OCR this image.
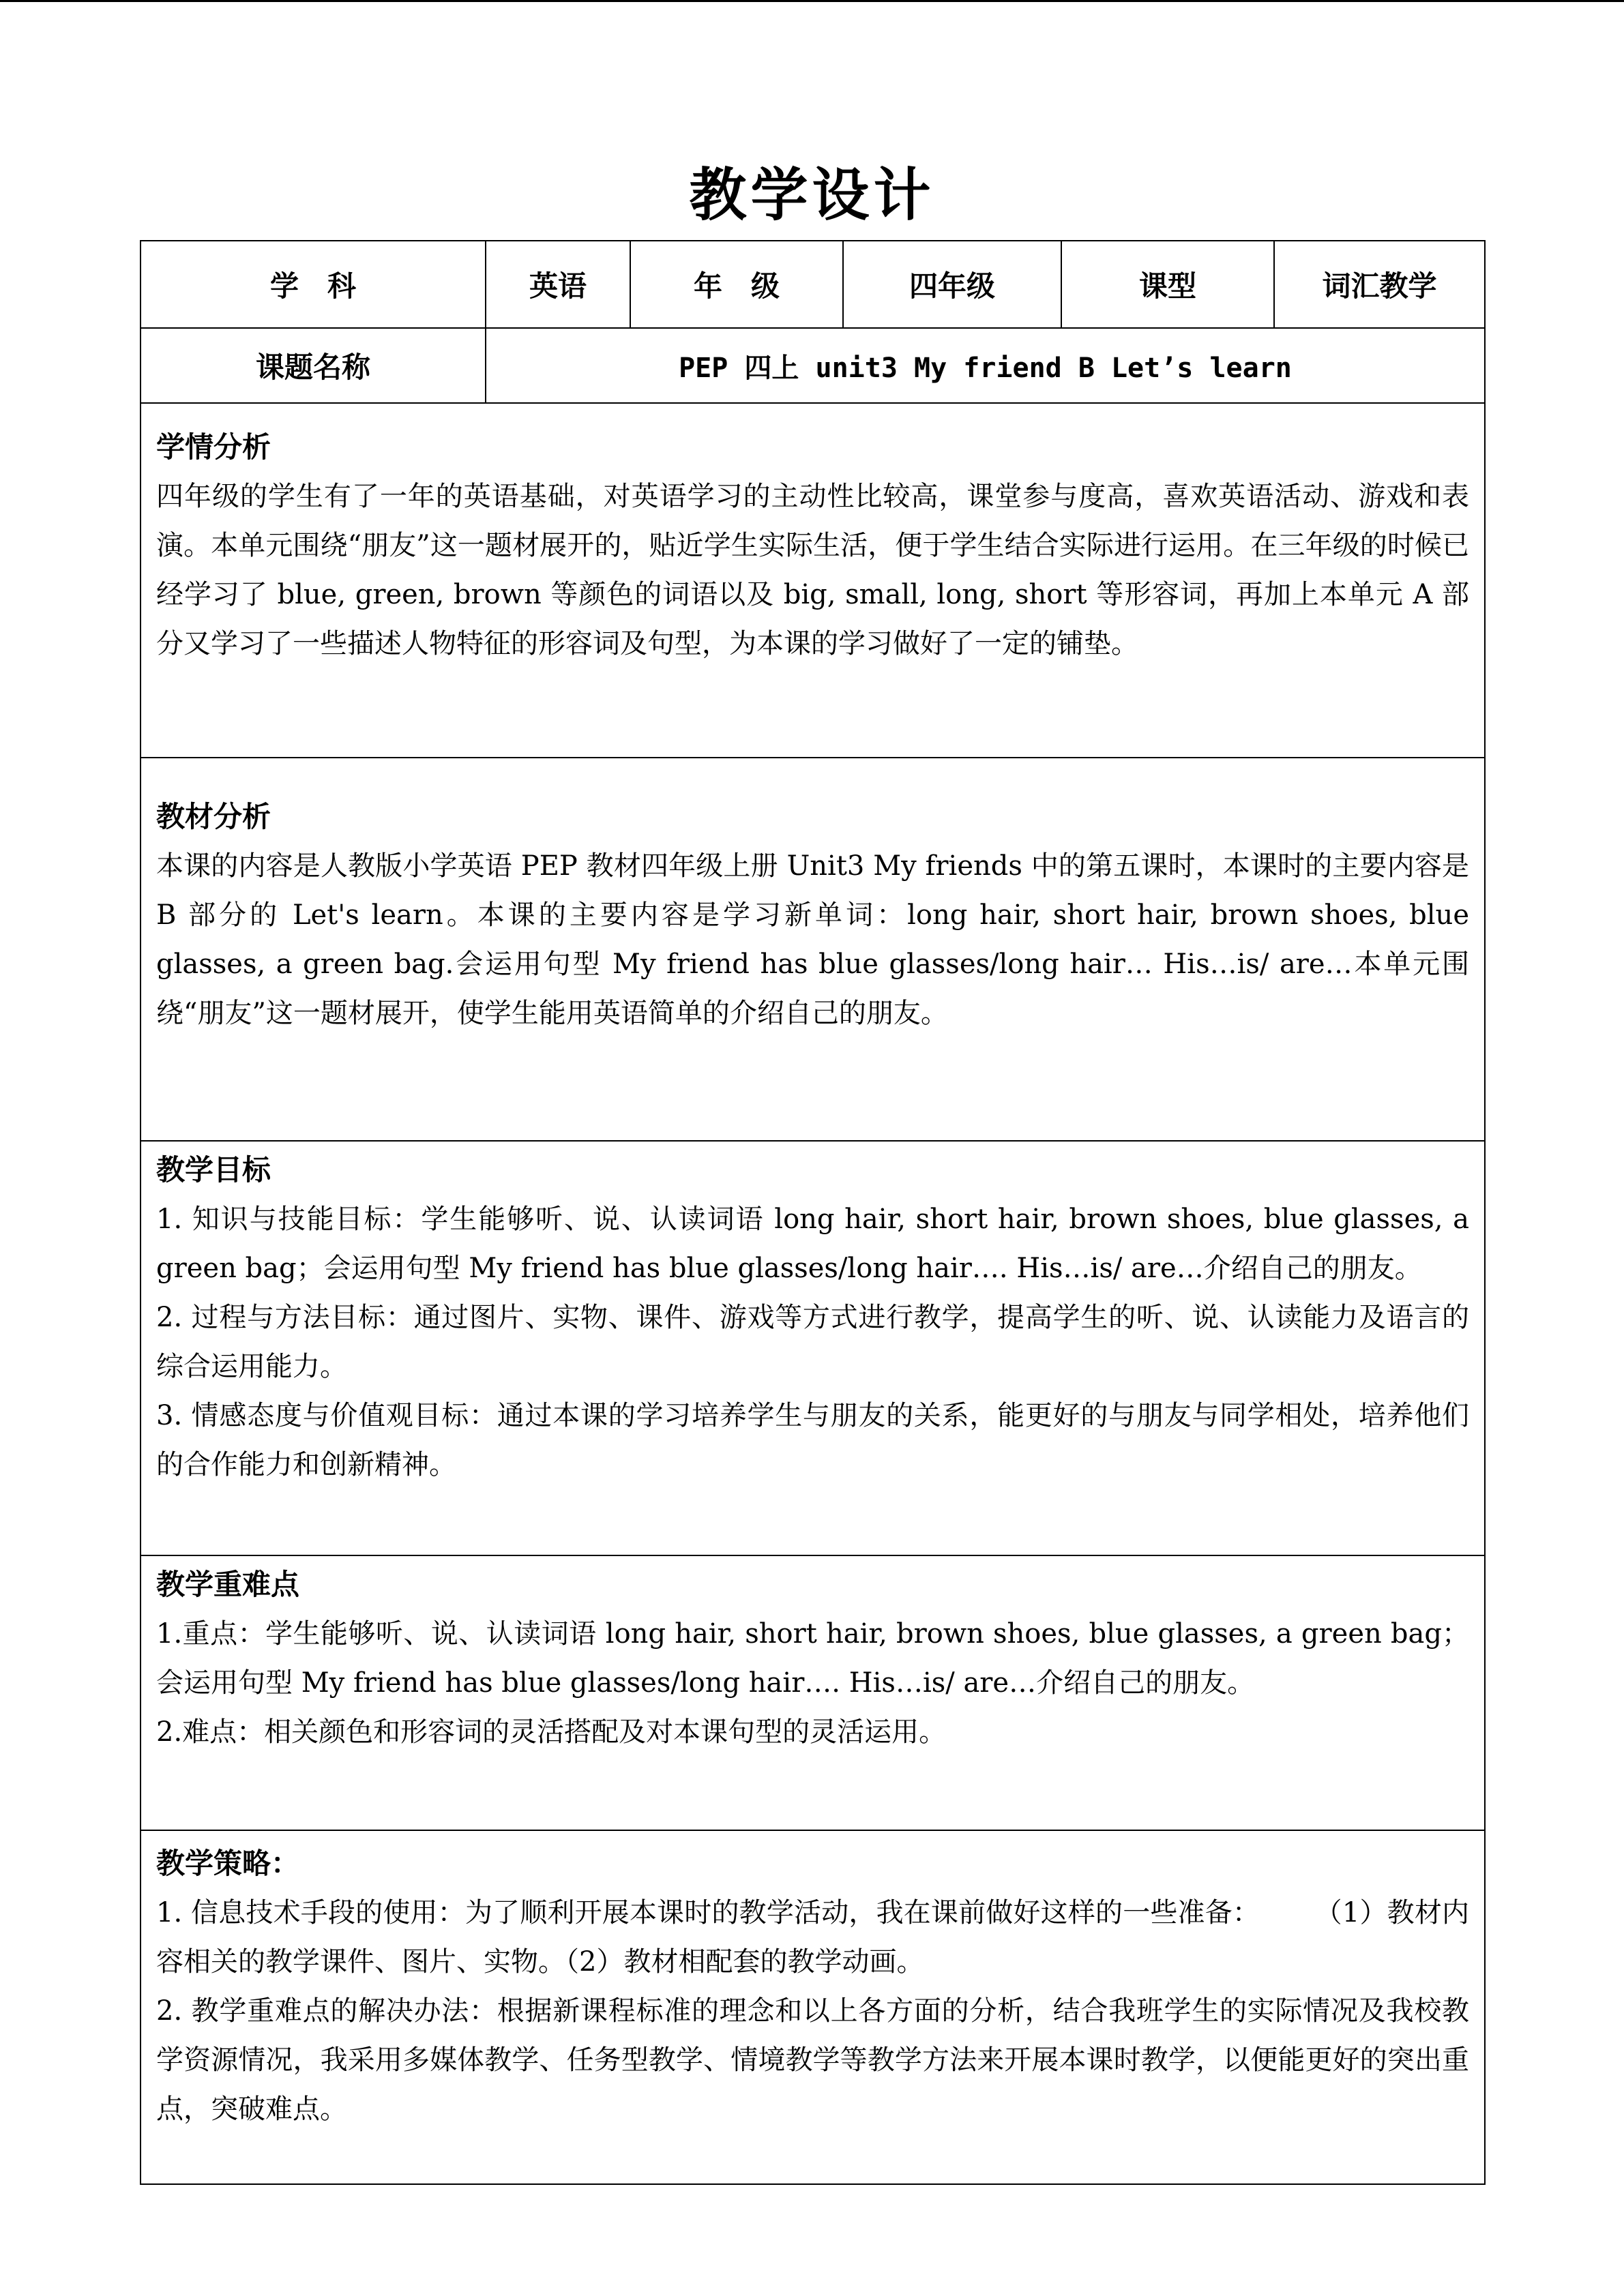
教学设计
学　科	英语	年　级	四年级	课型	词汇教学
课题名称	PEP 四上 unit3 My friend B Let’s learn				

学情分析

四年级的学生有了一年的英语基础，对英语学习的主动性比较高，课堂参与度高，喜欢英语活动、游戏和表演。本单元围绕“朋友”这一题材展开的，贴近学生实际生活，便于学生结合实际进行运用。在三年级的时候已经学习了 blue, green, brown 等颜色的词语以及 big, small, long, short 等形容词，再加上本单元 A 部分又学习了一些描述人物特征的形容词及句型，为本课的学习做好了一定的铺垫。					

教材分析

本课的内容是人教版小学英语 PEP 教材四年级上册 Unit3 My friends 中的第五课时，本课时的主要内容是 B 部分的 Let's learn。本课的主要内容是学习新单词：long hair, short hair, brown shoes, blue glasses, a green bag.会运用句型 My friend has blue glasses/long hair… His…is/ are…本单元围绕“朋友”这一题材展开，使学生能用英语简单的介绍自己的朋友。					

教学目标

1. 知识与技能目标：学生能够听、说、认读词语 long hair, short hair, brown shoes, blue glasses, a green bag；会运用句型 My friend has blue glasses/long hair…. His…is/ are…介绍自己的朋友。

2. 过程与方法目标：通过图片、实物、课件、游戏等方式进行教学，提高学生的听、说、认读能力及语言的综合运用能力。

3. 情感态度与价值观目标：通过本课的学习培养学生与朋友的关系，能更好的与朋友与同学相处，培养他们的合作能力和创新精神。					

教学重难点

1.重点：学生能够听、说、认读词语 long hair, short hair, brown shoes, blue glasses, a green bag；会运用句型 My friend has blue glasses/long hair…. His…is/ are…介绍自己的朋友。

2.难点：相关颜色和形容词的灵活搭配及对本课句型的灵活运用。					

教学策略：

1. 信息技术手段的使用：为了顺利开展本课时的教学活动，我在课前做好这样的一些准备：　　　（1）教材内容相关的教学课件、图片、实物。（2）教材相配套的教学动画。

2. 教学重难点的解决办法：根据新课程标准的理念和以上各方面的分析，结合我班学生的实际情况及我校教学资源情况，我采用多媒体教学、任务型教学、情境教学等教学方法来开展本课时教学，以便能更好的突出重点，突破难点。					
